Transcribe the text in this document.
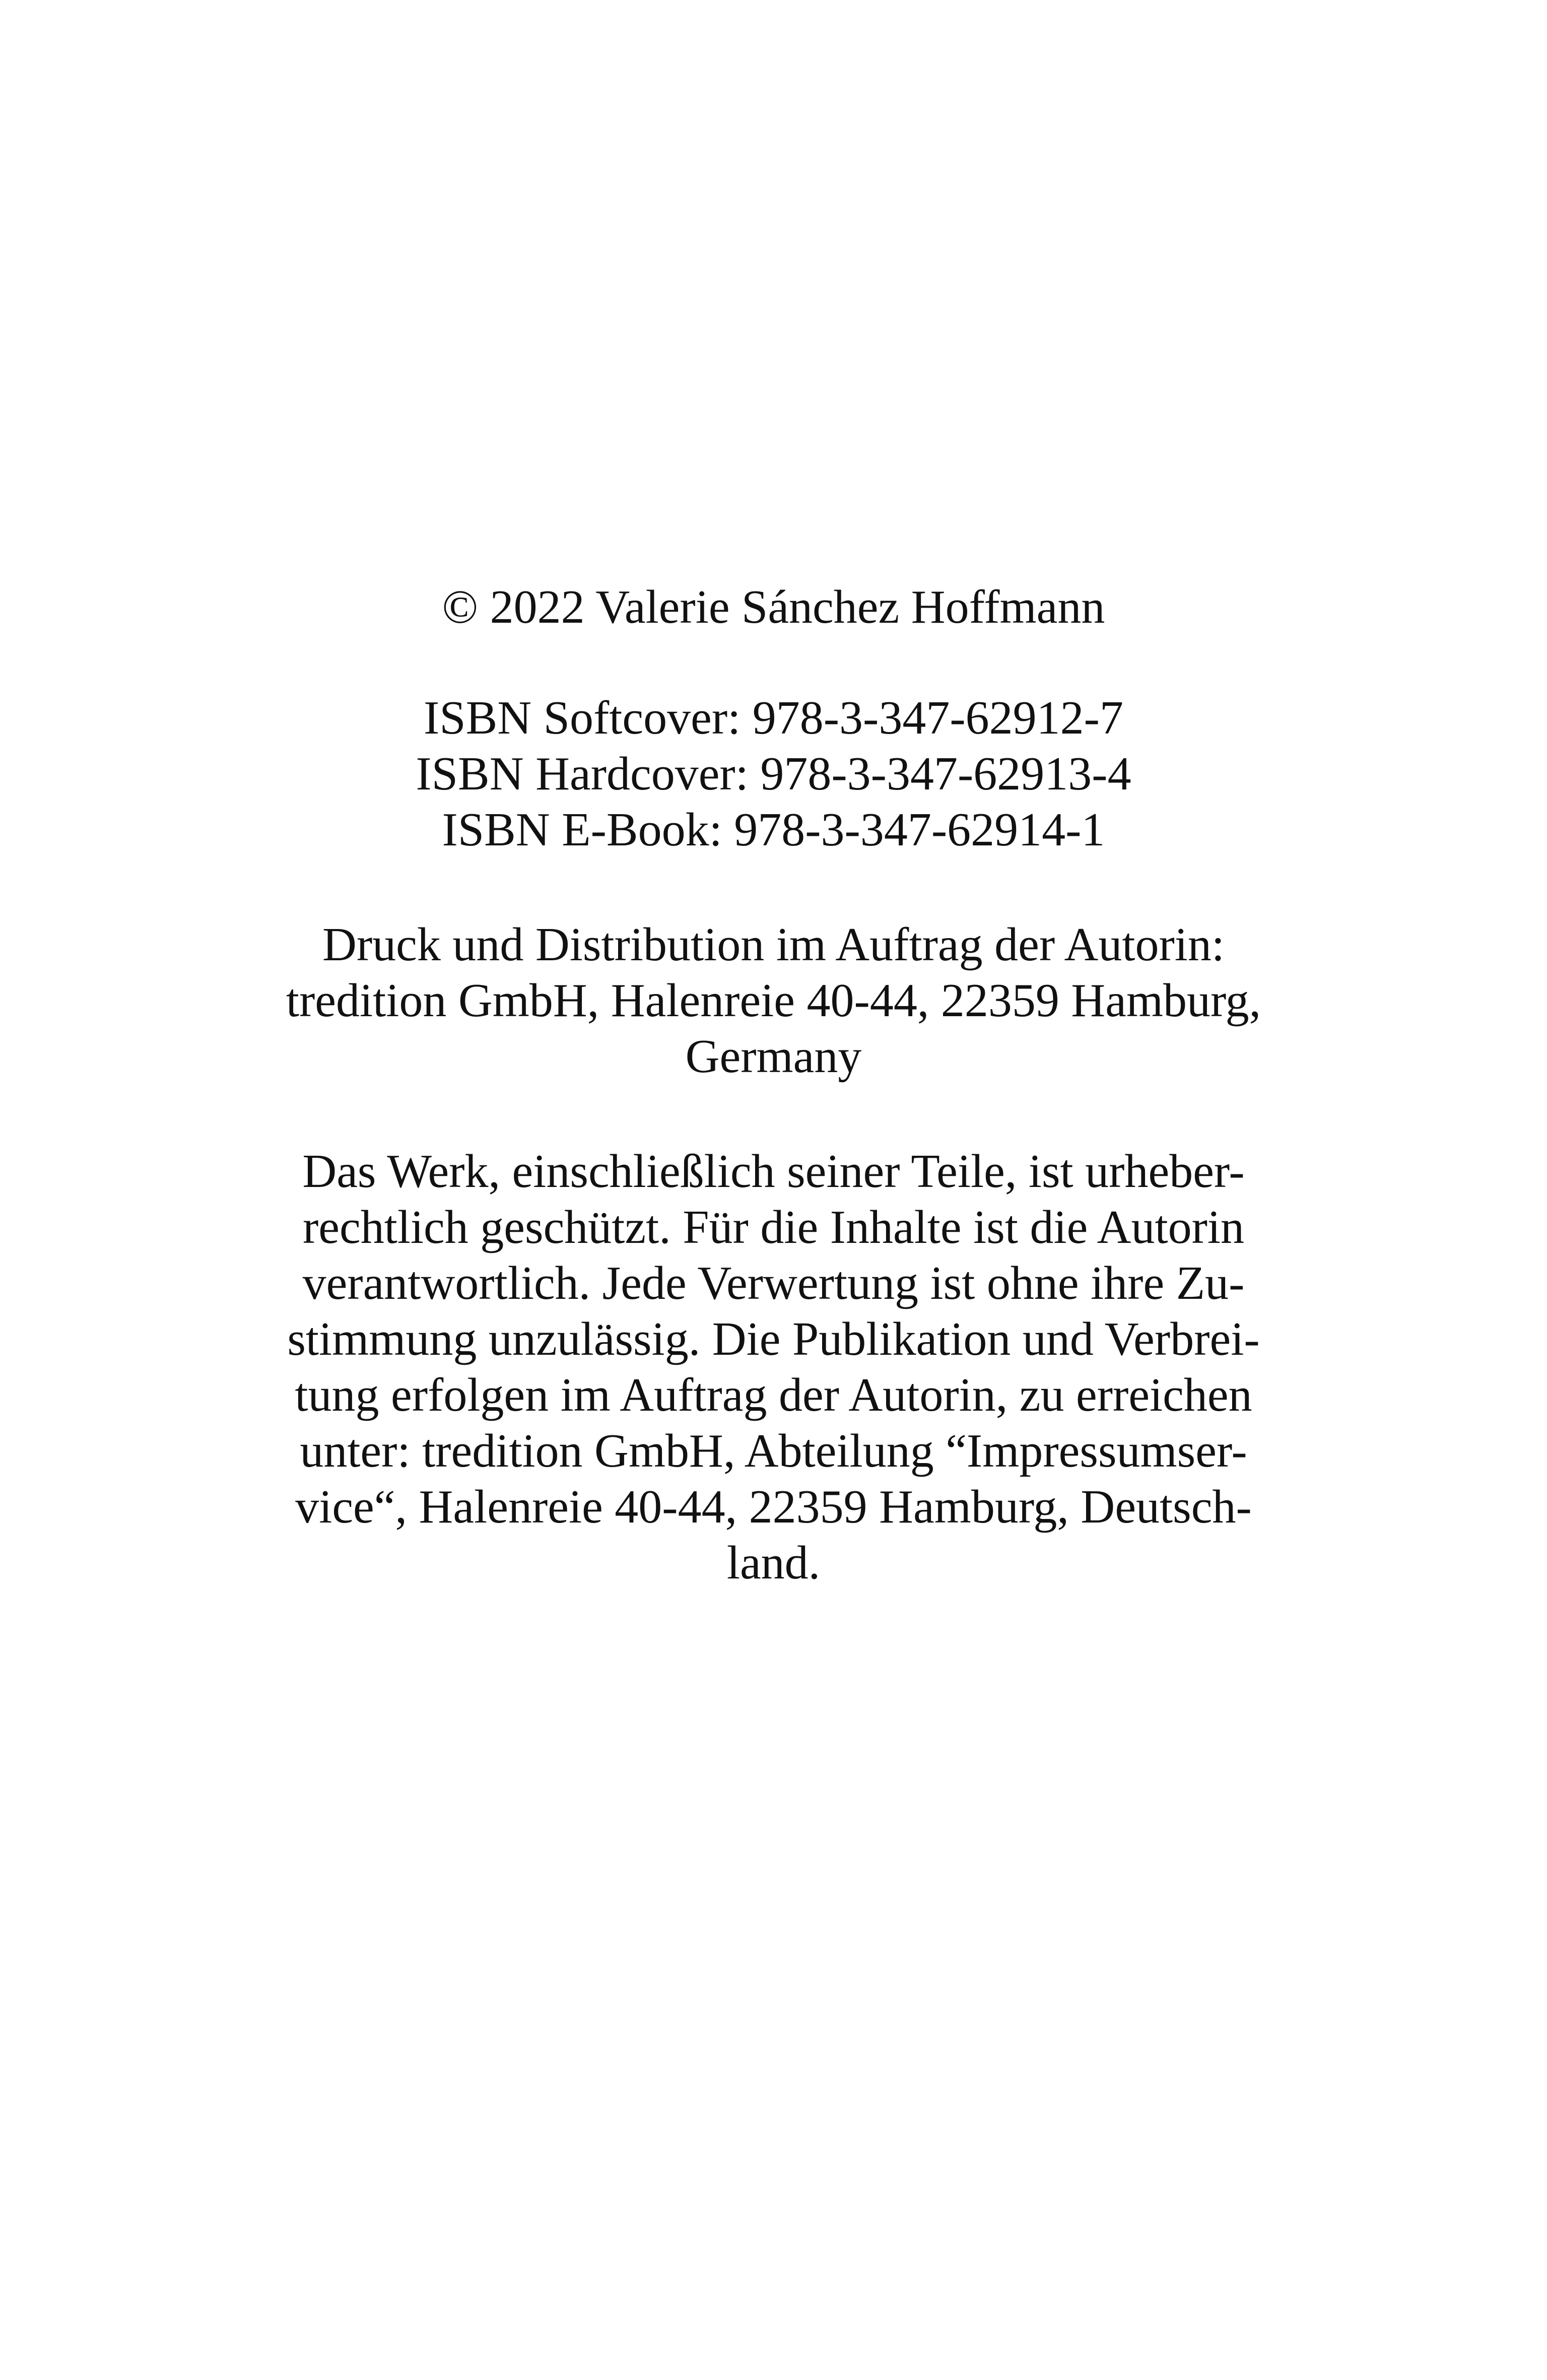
© 2022 Valerie Sánchez Hoffmann
ISBN Softcover: 978-3-347-62912-7
ISBN Hardcover: 978-3-347-62913-4
ISBN E-Book: 978-3-347-62914-1
Druck und Distribution im Auftrag der Autorin:
tredition GmbH, Halenreie 40-44, 22359 Hamburg,
Germany
Das Werk, einschließlich seiner Teile, ist urheber-
rechtlich geschützt. Für die Inhalte ist die Autorin
verantwortlich. Jede Verwertung ist ohne ihre Zu-
stimmung unzulässig. Die Publikation und Verbrei-
tung erfolgen im Auftrag der Autorin, zu erreichen
unter: tredition GmbH, Abteilung “Impressumser-
vice“, Halenreie 40-44, 22359 Hamburg, Deutsch-
land.
